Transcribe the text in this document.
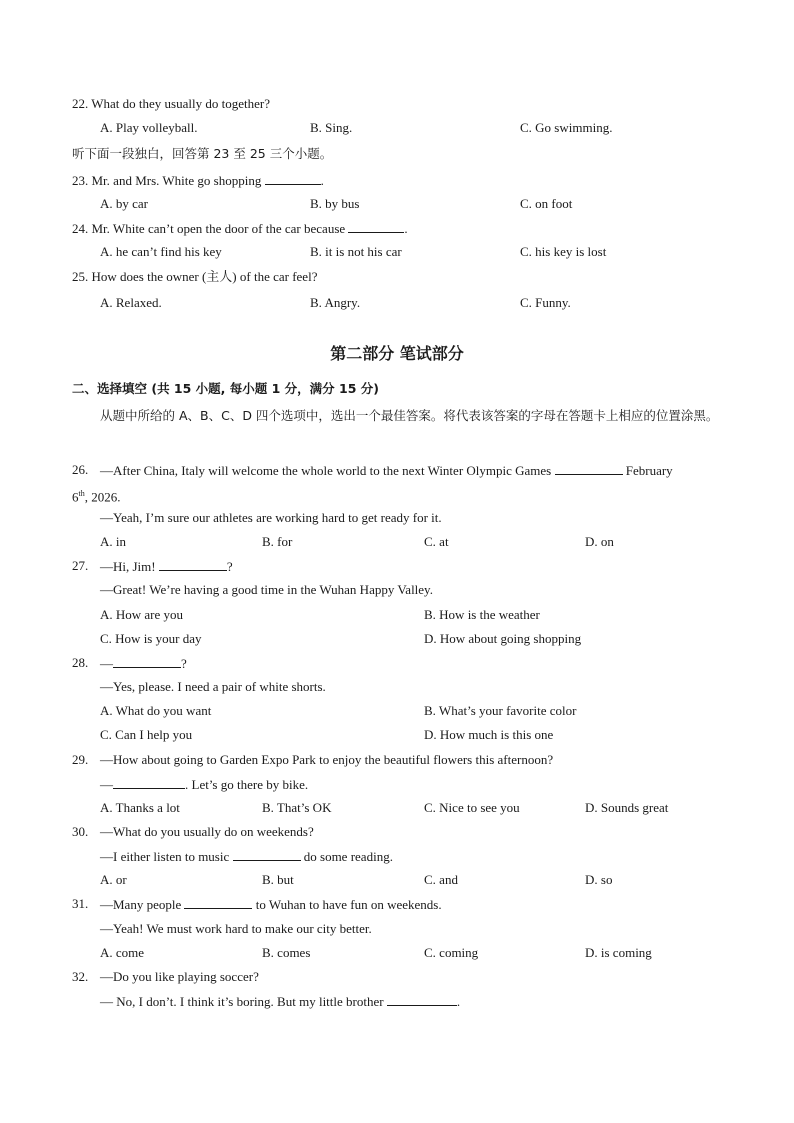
22. What do they usually do together?
A. Play volleyball.	B. Sing.	C. Go swimming.
听下面一段独白，回答第 23 至 25 三个小题。
23. Mr. and Mrs. White go shopping	.
A. by car	B. by bus	C. on foot
24. Mr. White can’t open the door of the car because	.
A. he can’t find his key	B. it is not his car	C. his key is lost
25. How does the owner (主人) of the car feel?
A. Relaxed.	B. Angry.	C. Funny.
第二部分 笔试部分
二、选择填空 (共 15 小题, 每小题 1 分，满分 15 分)
从题中所给的 A、B、C、D 四个选项中，选出一个最佳答案。将代表该答案的字母在答题卡上相应的位置涂黑。
26. —After China, Italy will welcome the whole world to the next Winter Olympic Games	February
6th, 2026.
—Yeah, I’m sure our athletes are working hard to get ready for it.
A. in	B. for	C. at	D. on
27. —Hi, Jim!	?
—Great! We’re having a good time in the Wuhan Happy Valley.
A. How are you	B. How is the weather
C. How is your day	D. How about going shopping
28. —	?
—Yes, please. I need a pair of white shorts.
A. What do you want	B. What’s your favorite color
C. Can I help you	D. How much is this one
29. —How about going to Garden Expo Park to enjoy the beautiful flowers this afternoon?
—	. Let’s go there by bike.
A. Thanks a lot	B. That’s OK	C. Nice to see you	D. Sounds great
30. —What do you usually do on weekends?
—I either listen to music	do some reading.
A. or	B. but	C. and	D. so
31. —Many people	to Wuhan to have fun on weekends.
—Yeah! We must work hard to make our city better.
A. come	B. comes	C. coming	D. is coming
32. —Do you like playing soccer?
— No, I don’t. I think it’s boring. But my little brother	.
